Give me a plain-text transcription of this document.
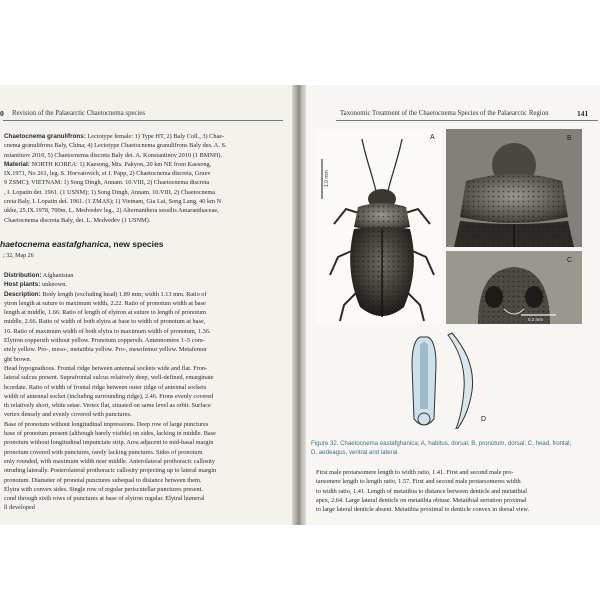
0 Revision of the Palaearctic Chaetocnema species
Chaetocnema granulifrons: Lectotype female: 1) Type HT, 2) Baly Coll., 3) Chae-
cnema granulifrons Baly, China; 4) Lectotype Chaetocnema granulifrons Baly des. A. S.
nstantinov 2010, 5) Chaetocnema discreta Baly det. A. Konstantinov 2010 (1 BMNH).
Material: NORTH KOREA: 1) Kaesong, Mts. Pakyon, 20 km NE from Kaesong,
IX.1971, No 261, leg. S. Horvatovich, et J. Papp, 2) Chaetocnema discreta, Gruev
9 ZSMC); VIETNAM: 1) Song Dingh, Annam. 10.VIII, 2) Chaetocnema discreta
, I. Lopatin det. 1961. (1 USNM); 1) Song Dingh, Annam. 10.VIII, 2) Chaetocnema
creta Baly, I. Lopatin det. 1961. (1 ZMAS); 1) Vietnam, Gia Lai, Song Lang, 40 km N
ukhe, 25.IX.1978, 700m, L. Medvedev leg., 2) Alternanthera sessilis Amaranthaceae,
Chaetocnema discreta Baly, det. L. Medvedev (1 USNM).
haetocnema eastafghanica, new species
; 32, Map 26
Distribution: Afghanistan
Host plants: unknown.
Description: Body length (excluding head) 1.89 mm; width 1.13 mm. Ratio of
ytron length at suture to maximum width, 2.22. Ratio of pronotum width at base
length at middle, 1.66. Ratio of length of elytron at suture to length of pronotum
middle, 2.66. Ratio of width of both elytra at base to width of pronotum at base,
16. Ratio of maximum width of both elytra to maximum width of pronotum, 1.36.
Elytron coppersih without yellow. Pronotum coppersih. Antennomere 1–5 com-
etely yellow. Pro-, meso-, metatibia yellow. Pro-, mesofemur yellow. Metafemur
ght brown.
Head hypognathous. Frontal ridge between antennal sockets wide and flat. Fron-
lateral sulcus present. Suprafrontal sulcus relatively deep, well-defined, emarginate
bcordate. Ratio of width of frontal ridge between outer ridge of antennal sockets
width of antennal socket (including surrounding ridge), 2.46. Frons evenly covered
th relatively short, white setae. Vertex flat, situated on same level as orbit. Surface
vertex densely and evenly covered with punctures.
Base of pronotum without longitudinal impressions. Deep row of large punctures
base of pronotum present (although barely visible) on sides, lacking in middle. Base
pronotum without longitudinal impunctate strip. Area adjacent to mid-basal margin
pronotum covered with punctures, rarely lacking punctures. Sides of pronotum
enly rounded, with maximum width near middle. Anterolateral prothoracic callosity
otruding laterally. Posterolateral prothoracic callosity projecting up to lateral margin
pronotum. Diameter of pronotal punctures subequal to distance between them.
Elytra with convex sides. Single row of regular periscutellar punctures present.
cond through sixth rows of punctures at base of elytron regular. Elytral humeral
ll developed
Taxonomic Treatment of the Chaetocnema Species of the Palaearctic Region	141
1.0 mm
A	B
0.2 mm
C
D
Figure 32. Chaetocnema eastafghanica; A, habitus, dorsal; B, pronotum, dorsal; C, head, frontal;
D, aedeagus, ventral and lateral.
First male protarsomere length to width ratio, 1.41. First and second male pro-
tarsomere length to length ratio, 1.57. First and second male protarsomeres width
to width ratio, 1.41. Length of metatibia to distance between denticle and metatibial
apex, 2.64. Large lateral denticle on metatibia obtuse. Metatibial serration proximal
to large lateral denticle absent. Metatibia proximal to denticle convex in dorsal view.
